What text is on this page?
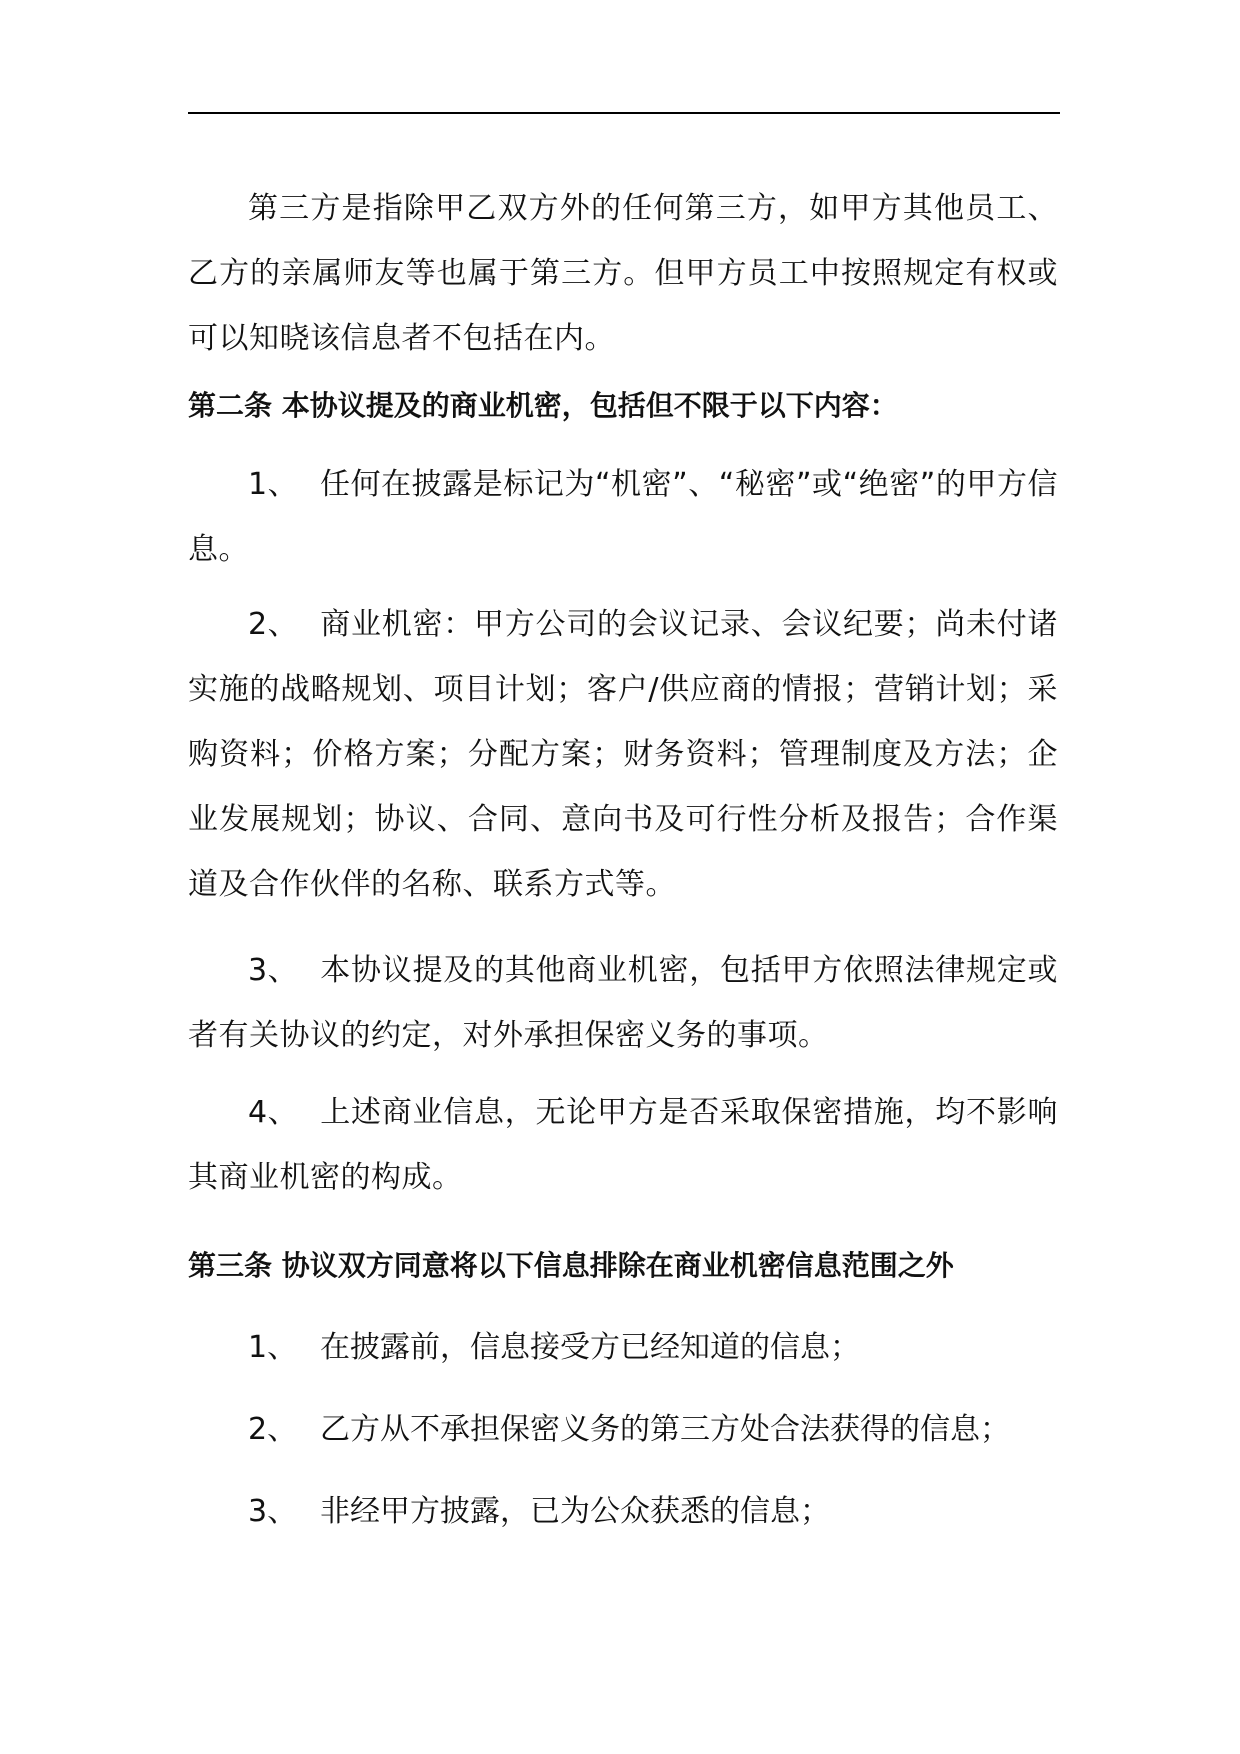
第三方是指除甲乙双方外的任何第三方，如甲方其他员工、乙方的亲属师友等也属于第三方。但甲方员工中按照规定有权或可以知晓该信息者不包括在内。

第二条 本协议提及的商业机密，包括但不限于以下内容：

1、 任何在披露是标记为“机密”、“秘密”或“绝密”的甲方信息。

2、 商业机密：甲方公司的会议记录、会议纪要；尚未付诸实施的战略规划、项目计划；客户/供应商的情报；营销计划；采购资料；价格方案；分配方案；财务资料；管理制度及方法；企业发展规划；协议、合同、意向书及可行性分析及报告；合作渠道及合作伙伴的名称、联系方式等。

3、 本协议提及的其他商业机密，包括甲方依照法律规定或者有关协议的约定，对外承担保密义务的事项。

4、 上述商业信息，无论甲方是否采取保密措施，均不影响其商业机密的构成。

第三条 协议双方同意将以下信息排除在商业机密信息范围之外

1、 在披露前，信息接受方已经知道的信息；

2、 乙方从不承担保密义务的第三方处合法获得的信息；

3、 非经甲方披露，已为公众获悉的信息；
